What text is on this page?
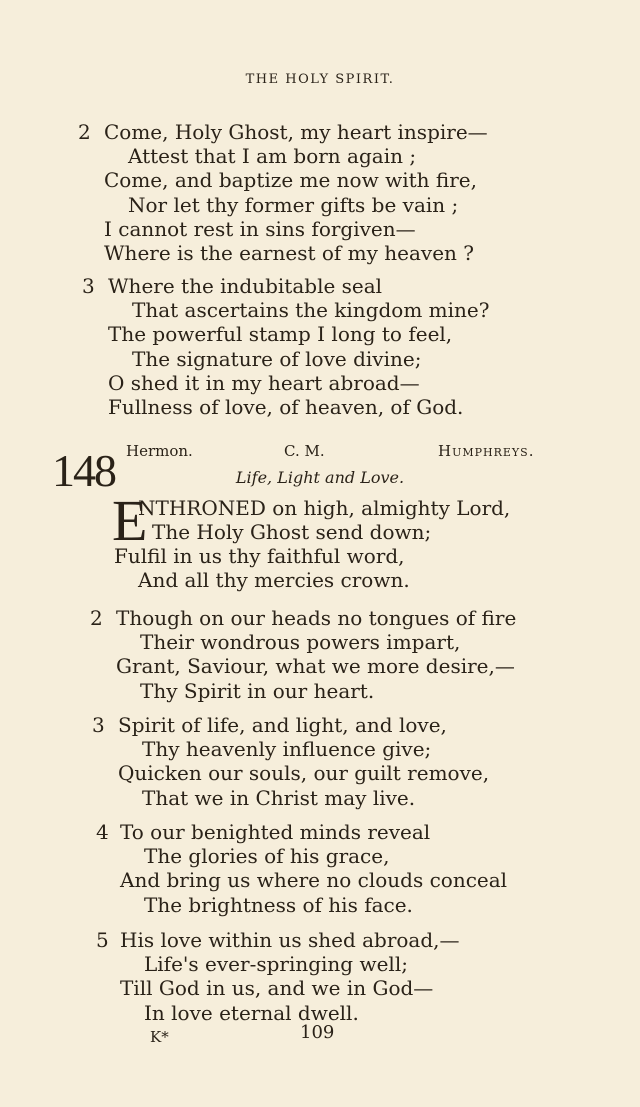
THE HOLY SPIRIT.
2 Come, Holy Ghost, my heart inspire—
Attest that I am born again ;
Come, and baptize me now with fire,
Nor let thy former gifts be vain ;
I cannot rest in sins forgiven—
Where is the earnest of my heaven ?
3 Where the indubitable seal
That ascertains the kingdom mine?
The powerful stamp I long to feel,
The signature of love divine;
O shed it in my heart abroad—
Fullness of love, of heaven, of God.
148 Hermon.	C. M.	Humphreys.
Life, Light and Love.
E
NTHRONED on high, almighty Lord,
The Holy Ghost send down;
Fulfil in us thy faithful word,
And all thy mercies crown.
2 Though on our heads no tongues of fire
Their wondrous powers impart,
Grant, Saviour, what we more desire,—
Thy Spirit in our heart.
3 Spirit of life, and light, and love,
Thy heavenly influence give;
Quicken our souls, our guilt remove,
That we in Christ may live.
4 To our benighted minds reveal
The glories of his grace,
And bring us where no clouds conceal
The brightness of his face.
5 His love within us shed abroad,—
Life's ever-springing well;
Till God in us, and we in God—
In love eternal dwell.
K*	109
